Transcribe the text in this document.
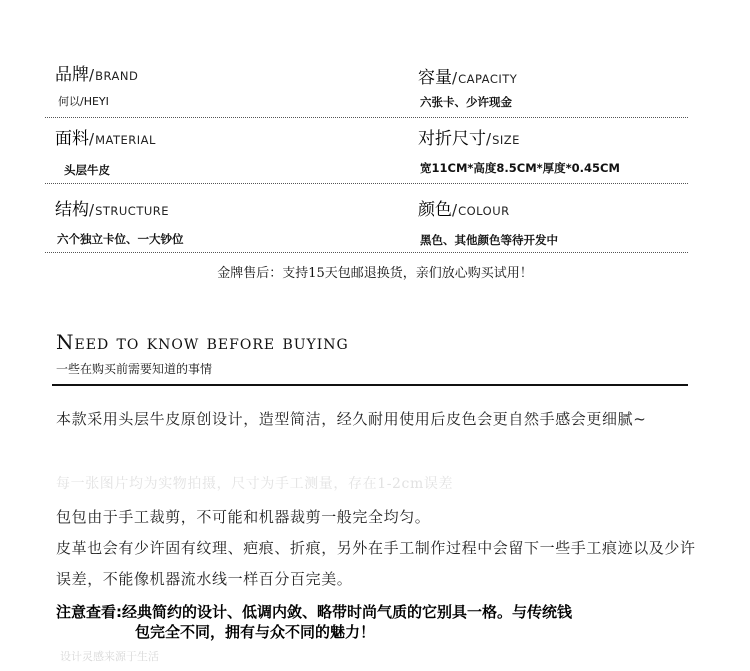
品牌/BRAND
何以/HEYI
容量/CAPACITY
六张卡、少许现金
面料/MATERIAL
头层牛皮
对折尺寸/SIZE
宽11CM*高度8.5CM*厚度*0.45CM
结构/STRUCTURE
六个独立卡位、一大钞位
颜色/COLOUR
黑色、其他颜色等待开发中
金牌售后：支持15天包邮退换货，亲们放心购买试用！
Need to know before buying
一些在购买前需要知道的事情
本款采用头层牛皮原创设计，造型简洁，经久耐用使用后皮色会更自然手感会更细腻~
每一张图片均为实物拍摄，尺寸为手工测量，存在1-2cm误差
包包由于手工裁剪，不可能和机器裁剪一般完全均匀。
皮革也会有少许固有纹理、疤痕、折痕，另外在手工制作过程中会留下一些手工痕迹以及少许误差，不能像机器流水线一样百分百完美。
注意查看:经典简约的设计、低调内敛、略带时尚气质的它别具一格。与传统钱
包完全不同，拥有与众不同的魅力！
设计灵感来源于生活
